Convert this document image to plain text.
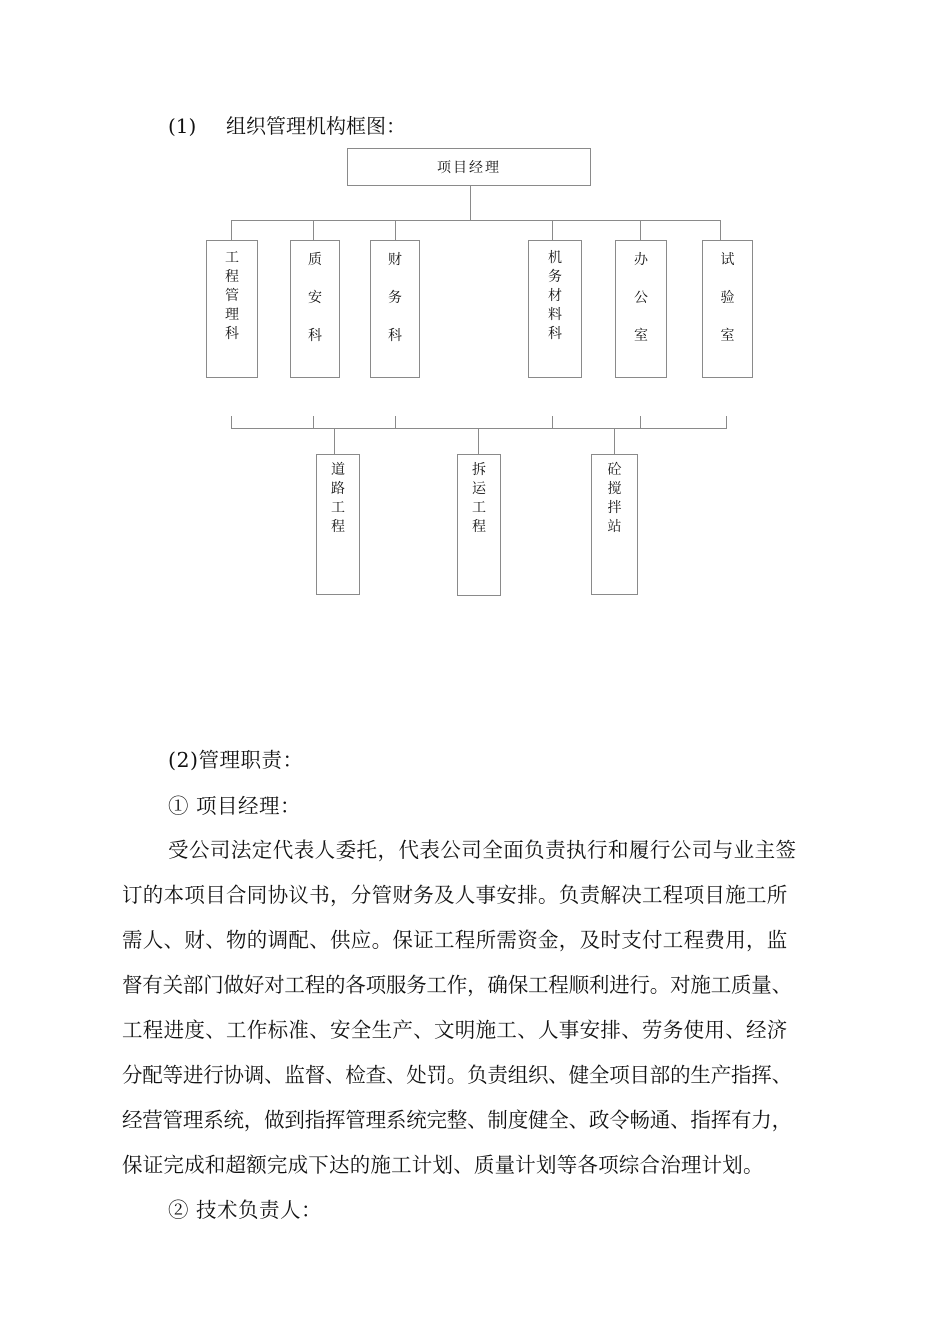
(1) 组织管理机构框图：
项目经理
工
程
管
理
科
质
安
科
财
务
科
机
务
材
料
科
办
公
室
试
验
室
道
路
工
程
拆
运
工
程
砼
搅
拌
站
(2)管理职责：
① 项目经理：
受公司法定代表人委托，代表公司全面负责执行和履行公司与业主签
订的本项目合同协议书，分管财务及人事安排。负责解决工程项目施工所
需人、财、物的调配、供应。保证工程所需资金，及时支付工程费用，监
督有关部门做好对工程的各项服务工作，确保工程顺利进行。对施工质量、
工程进度、工作标准、安全生产、文明施工、人事安排、劳务使用、经济
分配等进行协调、监督、检查、处罚。负责组织、健全项目部的生产指挥、
经营管理系统，做到指挥管理系统完整、制度健全、政令畅通、指挥有力，
保证完成和超额完成下达的施工计划、质量计划等各项综合治理计划。
② 技术负责人：
